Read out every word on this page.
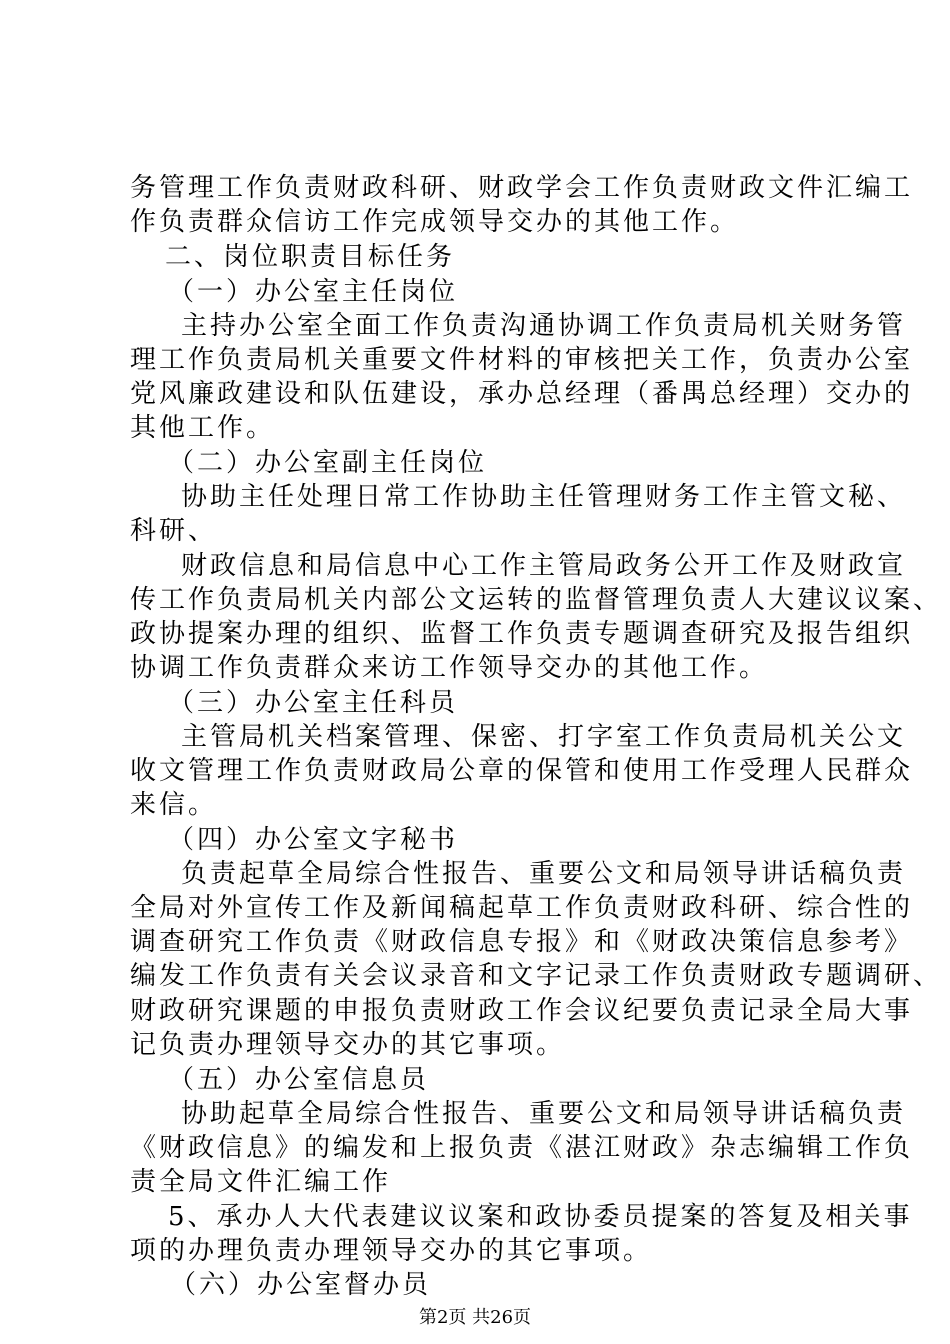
务管理工作负责财政科研、财政学会工作负责财政文件汇编工
作负责群众信访工作完成领导交办的其他工作。
二、岗位职责目标任务
（一）办公室主任岗位
主持办公室全面工作负责沟通协调工作负责局机关财务管
理工作负责局机关重要文件材料的审核把关工作，负责办公室
党风廉政建设和队伍建设，承办总经理（番禺总经理）交办的
其他工作。
（二）办公室副主任岗位
协助主任处理日常工作协助主任管理财务工作主管文秘、
科研、
财政信息和局信息中心工作主管局政务公开工作及财政宣
传工作负责局机关内部公文运转的监督管理负责人大建议议案、
政协提案办理的组织、监督工作负责专题调查研究及报告组织
协调工作负责群众来访工作领导交办的其他工作。
（三）办公室主任科员
主管局机关档案管理、保密、打字室工作负责局机关公文
收文管理工作负责财政局公章的保管和使用工作受理人民群众
来信。
（四）办公室文字秘书
负责起草全局综合性报告、重要公文和局领导讲话稿负责
全局对外宣传工作及新闻稿起草工作负责财政科研、综合性的
调查研究工作负责《财政信息专报》和《财政决策信息参考》
编发工作负责有关会议录音和文字记录工作负责财政专题调研、
财政研究课题的申报负责财政工作会议纪要负责记录全局大事
记负责办理领导交办的其它事项。
（五）办公室信息员
协助起草全局综合性报告、重要公文和局领导讲话稿负责
《财政信息》的编发和上报负责《湛江财政》杂志编辑工作负
责全局文件汇编工作
5、承办人大代表建议议案和政协委员提案的答复及相关事
项的办理负责办理领导交办的其它事项。
（六）办公室督办员
第2页 共26页
